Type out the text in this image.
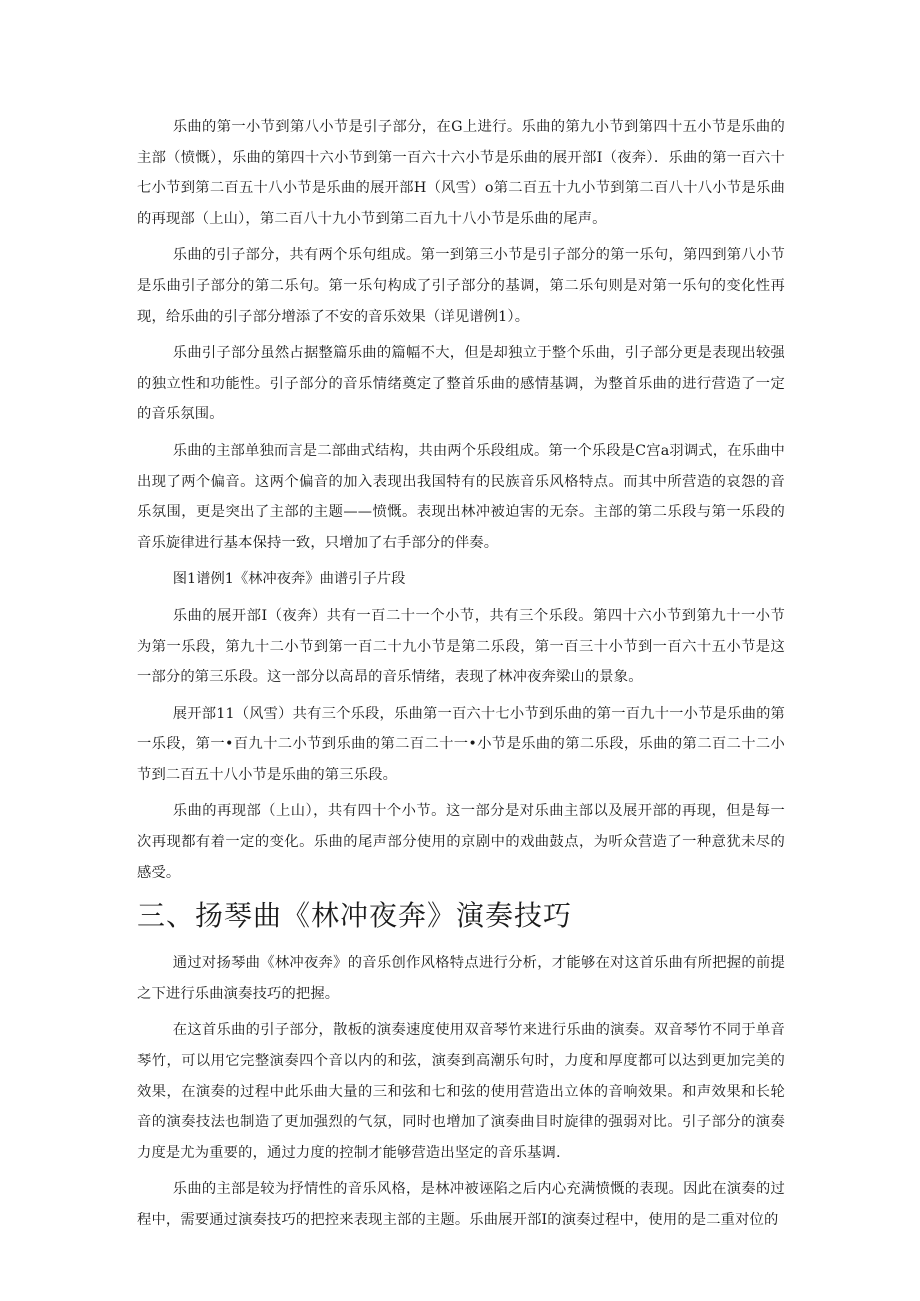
乐曲的第一小节到第八小节是引子部分，在G上进行。乐曲的第九小节到第四十五小节是乐曲的主部（愤慨），乐曲的第四十六小节到第一百六十六小节是乐曲的展开部I（夜奔）．乐曲的第一百六十七小节到第二百五十八小节是乐曲的展开部H（风雪）o第二百五十九小节到第二百八十八小节是乐曲的再现部（上山），第二百八十九小节到第二百九十八小节是乐曲的尾声。

乐曲的引子部分，共有两个乐句组成。第一到第三小节是引子部分的第一乐句，第四到第八小节是乐曲引子部分的第二乐句。第一乐句构成了引子部分的基调，第二乐句则是对第一乐句的变化性再现，给乐曲的引子部分增添了不安的音乐效果（详见谱例1）。

乐曲引子部分虽然占据整篇乐曲的篇幅不大，但是却独立于整个乐曲，引子部分更是表现出较强的独立性和功能性。引子部分的音乐情绪奠定了整首乐曲的感情基调，为整首乐曲的进行营造了一定的音乐氛围。

乐曲的主部单独而言是二部曲式结构，共由两个乐段组成。第一个乐段是C宫a羽调式，在乐曲中出现了两个偏音。这两个偏音的加入表现出我国特有的民族音乐风格特点。而其中所营造的哀怨的音乐氛围，更是突出了主部的主题——愤慨。表现出林冲被迫害的无奈。主部的第二乐段与第一乐段的音乐旋律进行基本保持一致，只增加了右手部分的伴奏。

图1谱例1《林冲夜奔》曲谱引子片段

乐曲的展开部I（夜奔）共有一百二十一个小节，共有三个乐段。第四十六小节到第九十一小节为第一乐段，第九十二小节到第一百二十九小节是第二乐段，第一百三十小节到一百六十五小节是这一部分的第三乐段。这一部分以高昂的音乐情绪，表现了林冲夜奔梁山的景象。

展开部11（风雪）共有三个乐段，乐曲第一百六十七小节到乐曲的第一百九十一小节是乐曲的第一乐段，第一•百九十二小节到乐曲的第二百二十一•小节是乐曲的第二乐段，乐曲的第二百二十二小节到二百五十八小节是乐曲的第三乐段。

乐曲的再现部（上山），共有四十个小节。这一部分是对乐曲主部以及展开部的再现，但是每一次再现都有着一定的变化。乐曲的尾声部分使用的京剧中的戏曲鼓点，为听众营造了一种意犹未尽的感受。

三、扬琴曲《林冲夜奔》演奏技巧

通过对扬琴曲《林冲夜奔》的音乐创作风格特点进行分析，才能够在对这首乐曲有所把握的前提之下进行乐曲演奏技巧的把握。

在这首乐曲的引子部分，散板的演奏速度使用双音琴竹来进行乐曲的演奏。双音琴竹不同于单音琴竹，可以用它完整演奏四个音以内的和弦，演奏到高潮乐句时，力度和厚度都可以达到更加完美的效果，在演奏的过程中此乐曲大量的三和弦和七和弦的使用营造出立体的音响效果。和声效果和长轮音的演奏技法也制造了更加强烈的气氛，同时也增加了演奏曲目时旋律的强弱对比。引子部分的演奏力度是尤为重要的，通过力度的控制才能够营造出坚定的音乐基调.

乐曲的主部是较为抒情性的音乐风格，是林冲被诬陷之后内心充满愤慨的表现。因此在演奏的过程中，需要通过演奏技巧的把控来表现主部的主题。乐曲展开部I的演奏过程中，使用的是二重对位的
